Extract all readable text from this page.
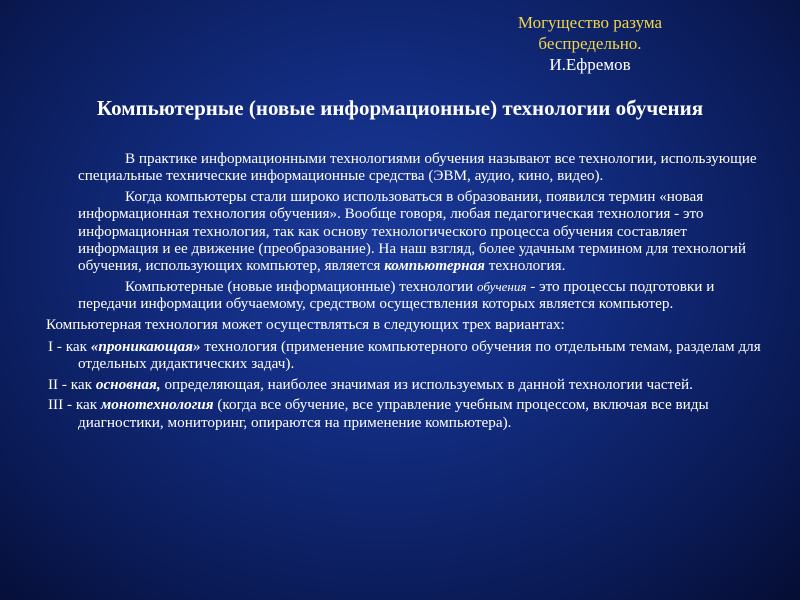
Могущество разума
беспредельно.
И.Ефремов
Компьютерные (новые информационные) технологии обучения

В практике информационными технологиями обучения называют все технологии, использующие специальные технические информационные средства (ЭВМ, аудио, кино, видео).

Когда компьютеры стали широко использоваться в образовании, появился термин «новая информационная технология обучения». Вообще говоря, любая педагогическая технология - это информационная технология, так как основу технологического процесса обучения составляет информация и ее движение (преобразование). На наш взгляд, более удачным термином для технологий обучения, использующих компьютер, является компьютерная технология.

Компьютерные (новые информационные) технологии обучения - это процессы подготовки и передачи информации обучаемому, средством осуществления которых является компьютер.

Компьютерная технология может осуществляться в следующих трех вариантах:

I - как «проникающая» технология (применение компьютерного обучения по отдельным темам, разделам для отдельных дидактических задач).

II - как основная, определяющая, наиболее значимая из используемых в данной технологии частей.

III - как монотехнология (когда все обучение, все управление учебным процессом, включая все виды диагностики, мониторинг, опираются на применение компьютера).
